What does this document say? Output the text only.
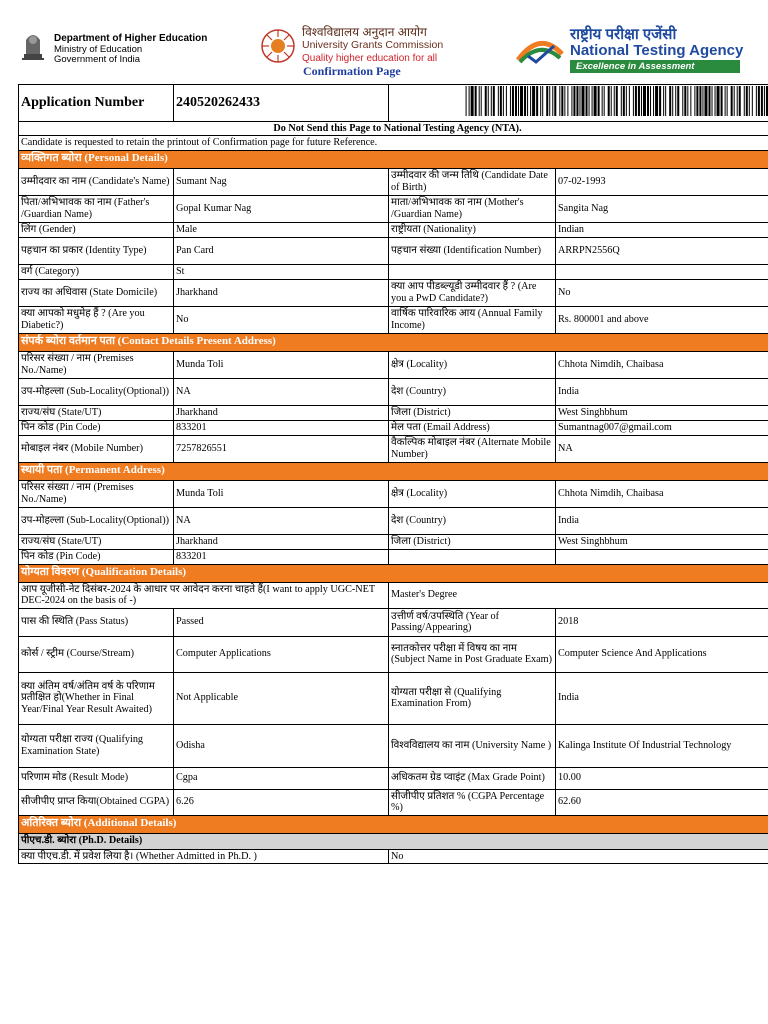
Department of Higher Education
Ministry of Education
Government of India
विश्वविद्यालय अनुदान आयोग
University Grants Commission
Quality higher education for all
Confirmation Page
राष्ट्रीय परीक्षा एजेंसी
National Testing Agency
Excellence in Assessment
Application Number	240520262433	
Do Not Send this Page to National Testing Agency (NTA).			
Candidate is requested to retain the printout of Confirmation page for future Reference.			
व्यक्तिगत ब्योरा (Personal Details)			
उम्मीदवार का नाम (Candidate's Name)	Sumant Nag	उम्मीदवार की जन्म तिथि (Candidate Date of Birth)	07-02-1993
पिता/अभिभावक का नाम (Father's /Guardian Name)	Gopal Kumar Nag	माता/अभिभावक का नाम (Mother's /Guardian Name)	Sangita Nag
लिंग (Gender)	Male	राष्ट्रीयता (Nationality)	Indian
पहचान का प्रकार (Identity Type)	Pan Card	पहचान संख्या (Identification Number)	ARRPN2556Q
वर्ग (Category)	St		
राज्य का अधिवास (State Domicile)	Jharkhand	क्या आप पीडब्ल्यूडी उम्मीदवार हैं ? (Are you a PwD Candidate?)	No
क्या आपको मधुमेह हैं ? (Are you Diabetic?)	No	वार्षिक पारिवारिक आय (Annual Family Income)	Rs. 800001 and above
संपर्क ब्योरा वर्तमान पता (Contact Details Present Address)			
परिसर संख्या / नाम (Premises No./Name)	Munda Toli	क्षेत्र (Locality)	Chhota Nimdih, Chaibasa
उप-मोहल्ला (Sub-Locality(Optional))	NA	देश (Country)	India
राज्य/संघ (State/UT)	Jharkhand	जिला (District)	West Singhbhum
पिन कोड (Pin Code)	833201	मेल पता (Email Address)	Sumantnag007@gmail.com
मोबाइल नंबर (Mobile Number)	7257826551	वैकल्पिक मोबाइल नंबर (Alternate Mobile Number)	NA
स्थायी पता (Permanent Address)			
परिसर संख्या / नाम (Premises No./Name)	Munda Toli	क्षेत्र (Locality)	Chhota Nimdih, Chaibasa
उप-मोहल्ला (Sub-Locality(Optional))	NA	देश (Country)	India
राज्य/संघ (State/UT)	Jharkhand	जिला (District)	West Singhbhum
पिन कोड (Pin Code)	833201		
योग्यता विवरण (Qualification Details)			
आप यूजीसी-नेट दिसंबर-2024 के आधार पर आवेदन करना चाहते हैं(I want to apply UGC-NET DEC-2024 on the basis of -)		Master's Degree	
पास की स्थिति (Pass Status)	Passed	उत्तीर्ण वर्ष/उपस्थिति (Year of Passing/Appearing)	2018
कोर्स / स्ट्रीम (Course/Stream)	Computer Applications	स्नातकोत्तर परीक्षा में विषय का नाम (Subject Name in Post Graduate Exam)	Computer Science And Applications
क्या अंतिम वर्ष/अंतिम वर्ष के परिणाम प्रतीक्षित हो(Whether in Final Year/Final Year Result Awaited)	Not Applicable	योग्यता परीक्षा से (Qualifying Examination From)	India
योग्यता परीक्षा राज्य (Qualifying Examination State)	Odisha	विश्वविद्यालय का नाम (University Name )	Kalinga Institute Of Industrial Technology
परिणाम मोड (Result Mode)	Cgpa	अधिकतम ग्रेड प्वाइंट (Max Grade Point)	10.00
सीजीपीए प्राप्त किया(Obtained CGPA)	6.26	सीजीपीए प्रतिशत % (CGPA Percentage %)	62.60
अतिरिक्त ब्योरा (Additional Details)			
पीएच.डी. ब्योरा (Ph.D. Details)			
क्या पीएच.डी. में प्रवेश लिया है। (Whether Admitted in Ph.D. )		No	
